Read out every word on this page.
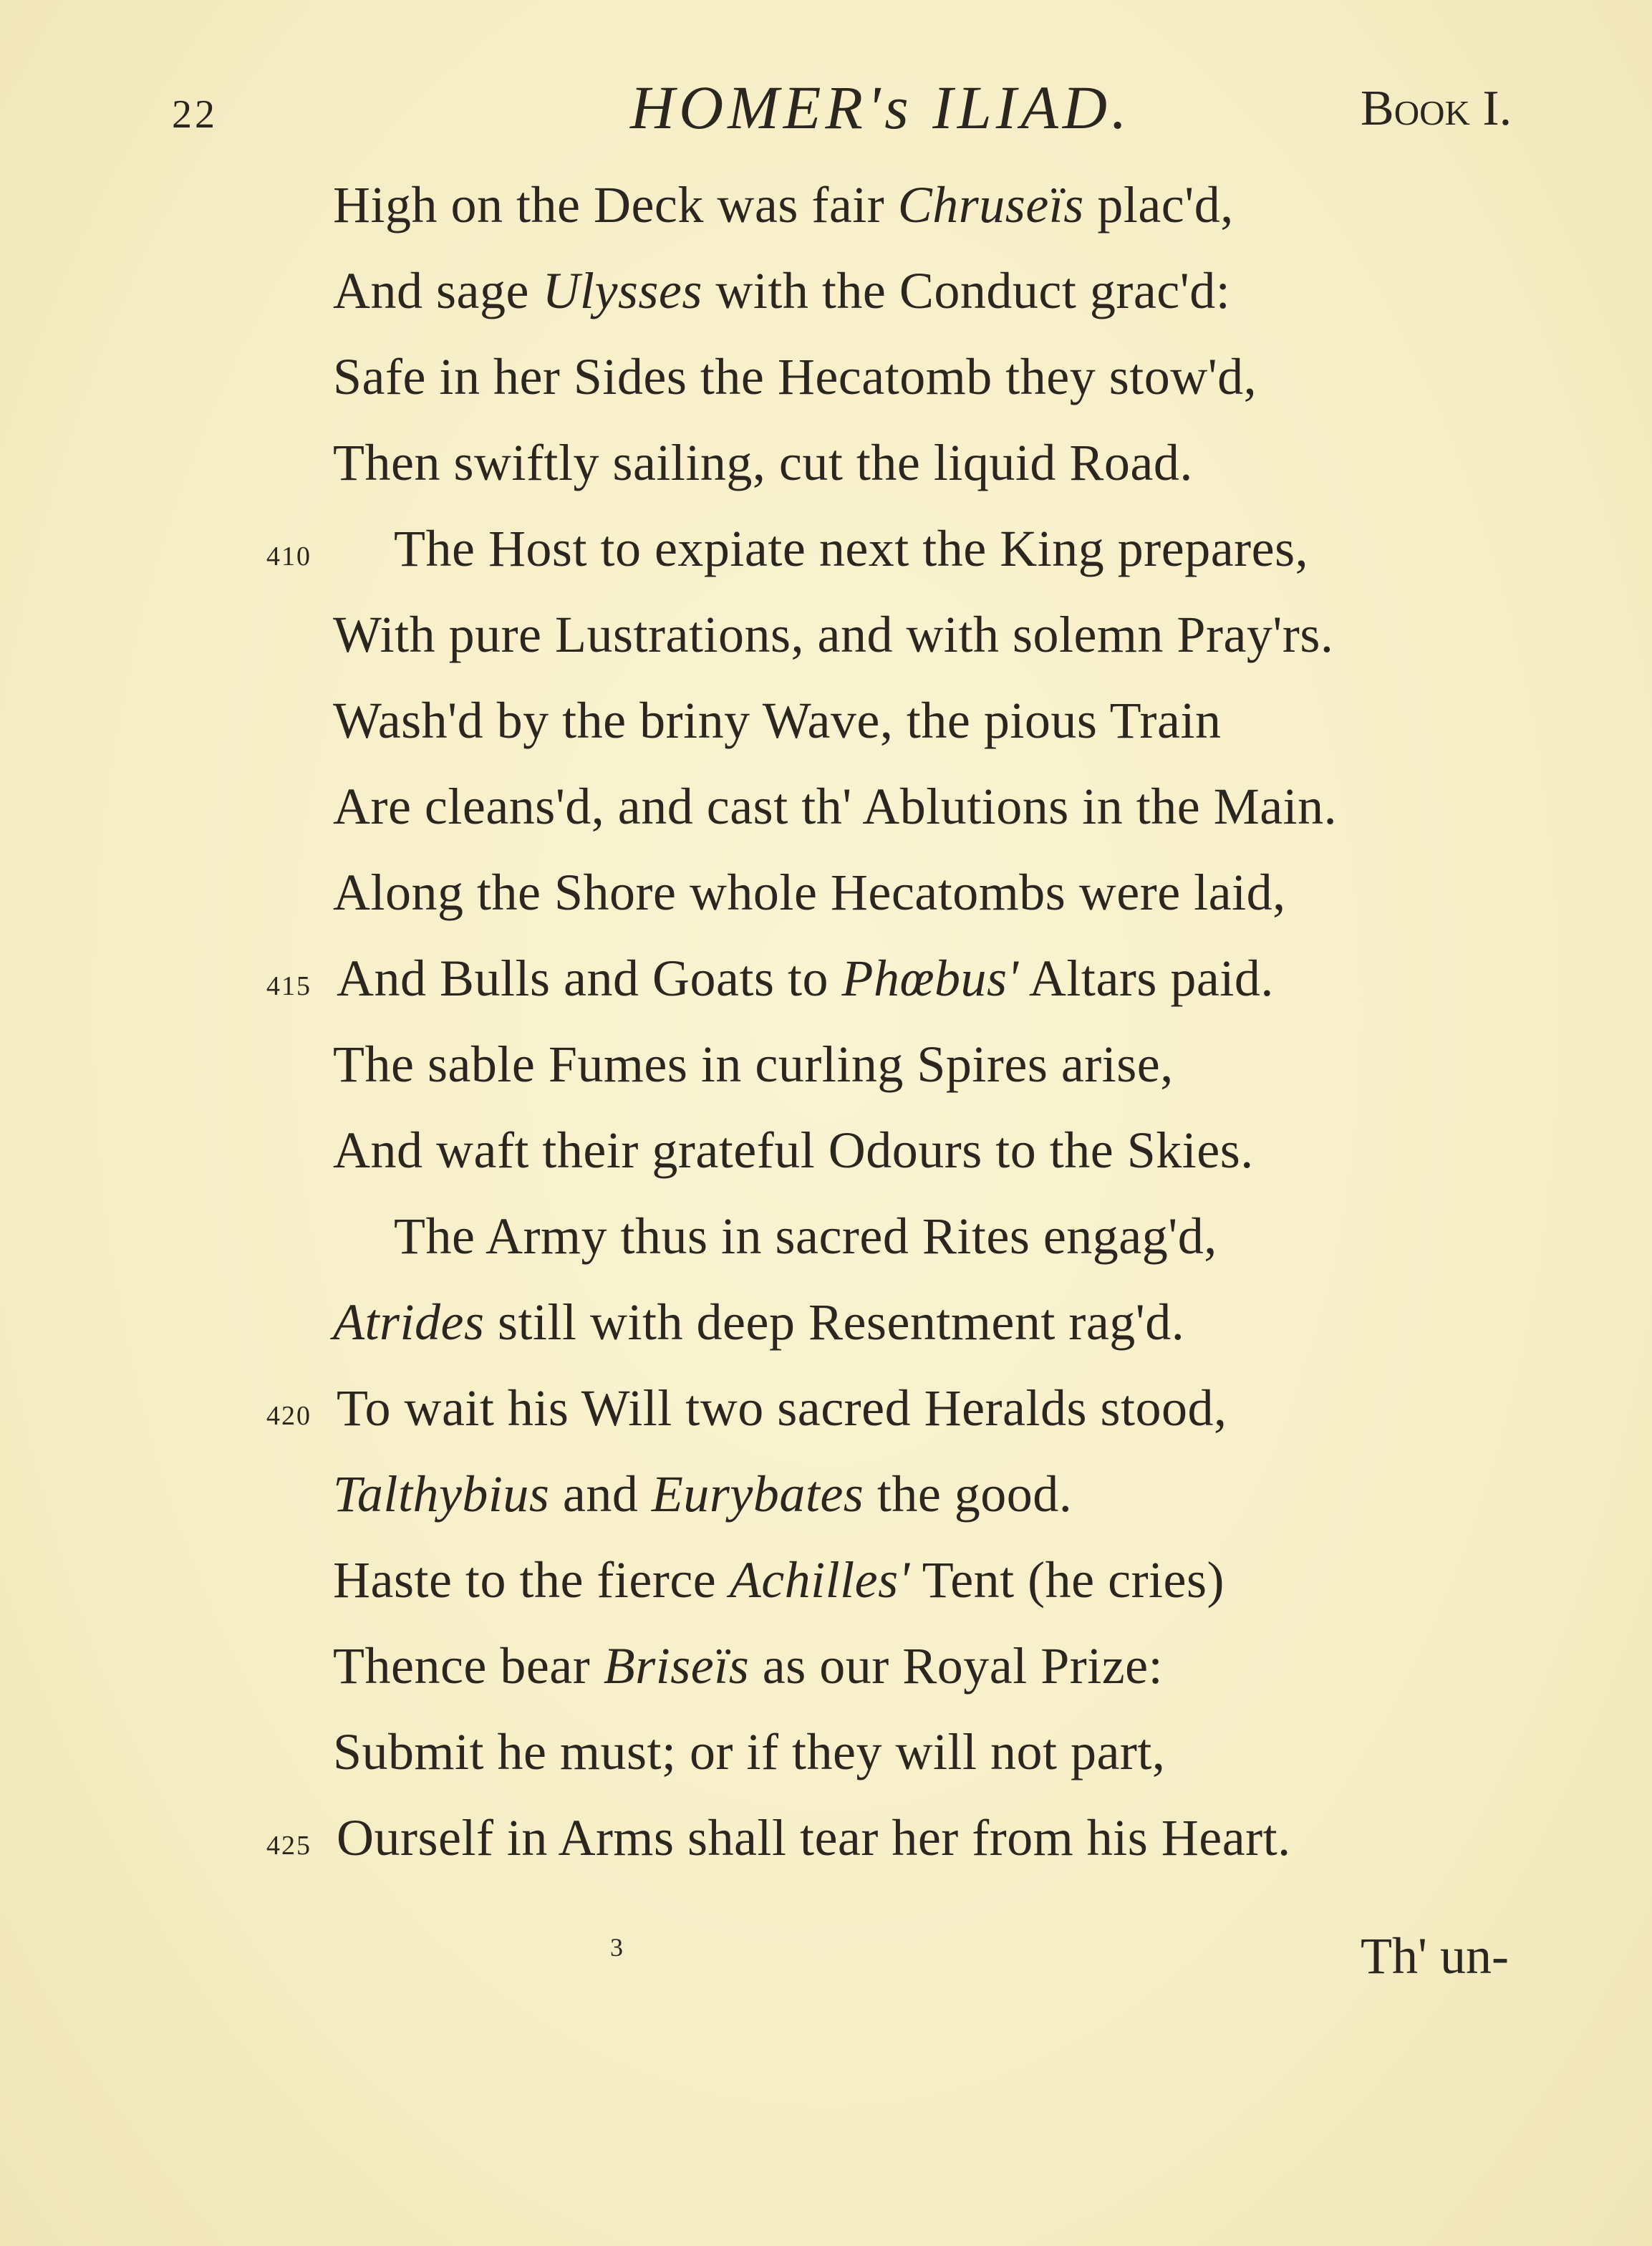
22	HOMER's ILIAD.	Book I.
High on the Deck was fair Chruseïs plac'd,
And sage Ulysses with the Conduct grac'd:
Safe in her Sides the Hecatomb they stow'd,
Then swiftly sailing, cut the liquid Road.
410 The Host to expiate next the King prepares,
With pure Lustrations, and with solemn Pray'rs.
Wash'd by the briny Wave, the pious Train
Are cleans'd, and cast th' Ablutions in the Main.
Along the Shore whole Hecatombs were laid,
415 And Bulls and Goats to Phœbus' Altars paid.
The sable Fumes in curling Spires arise,
And waft their grateful Odours to the Skies.
The Army thus in sacred Rites engag'd,
Atrides still with deep Resentment rag'd.
420 To wait his Will two sacred Heralds stood,
Talthybius and Eurybates the good.
Haste to the fierce Achilles' Tent (he cries)
Thence bear Briseïs as our Royal Prize:
Submit he must; or if they will not part,
425 Ourself in Arms shall tear her from his Heart.
3	Th' un-
